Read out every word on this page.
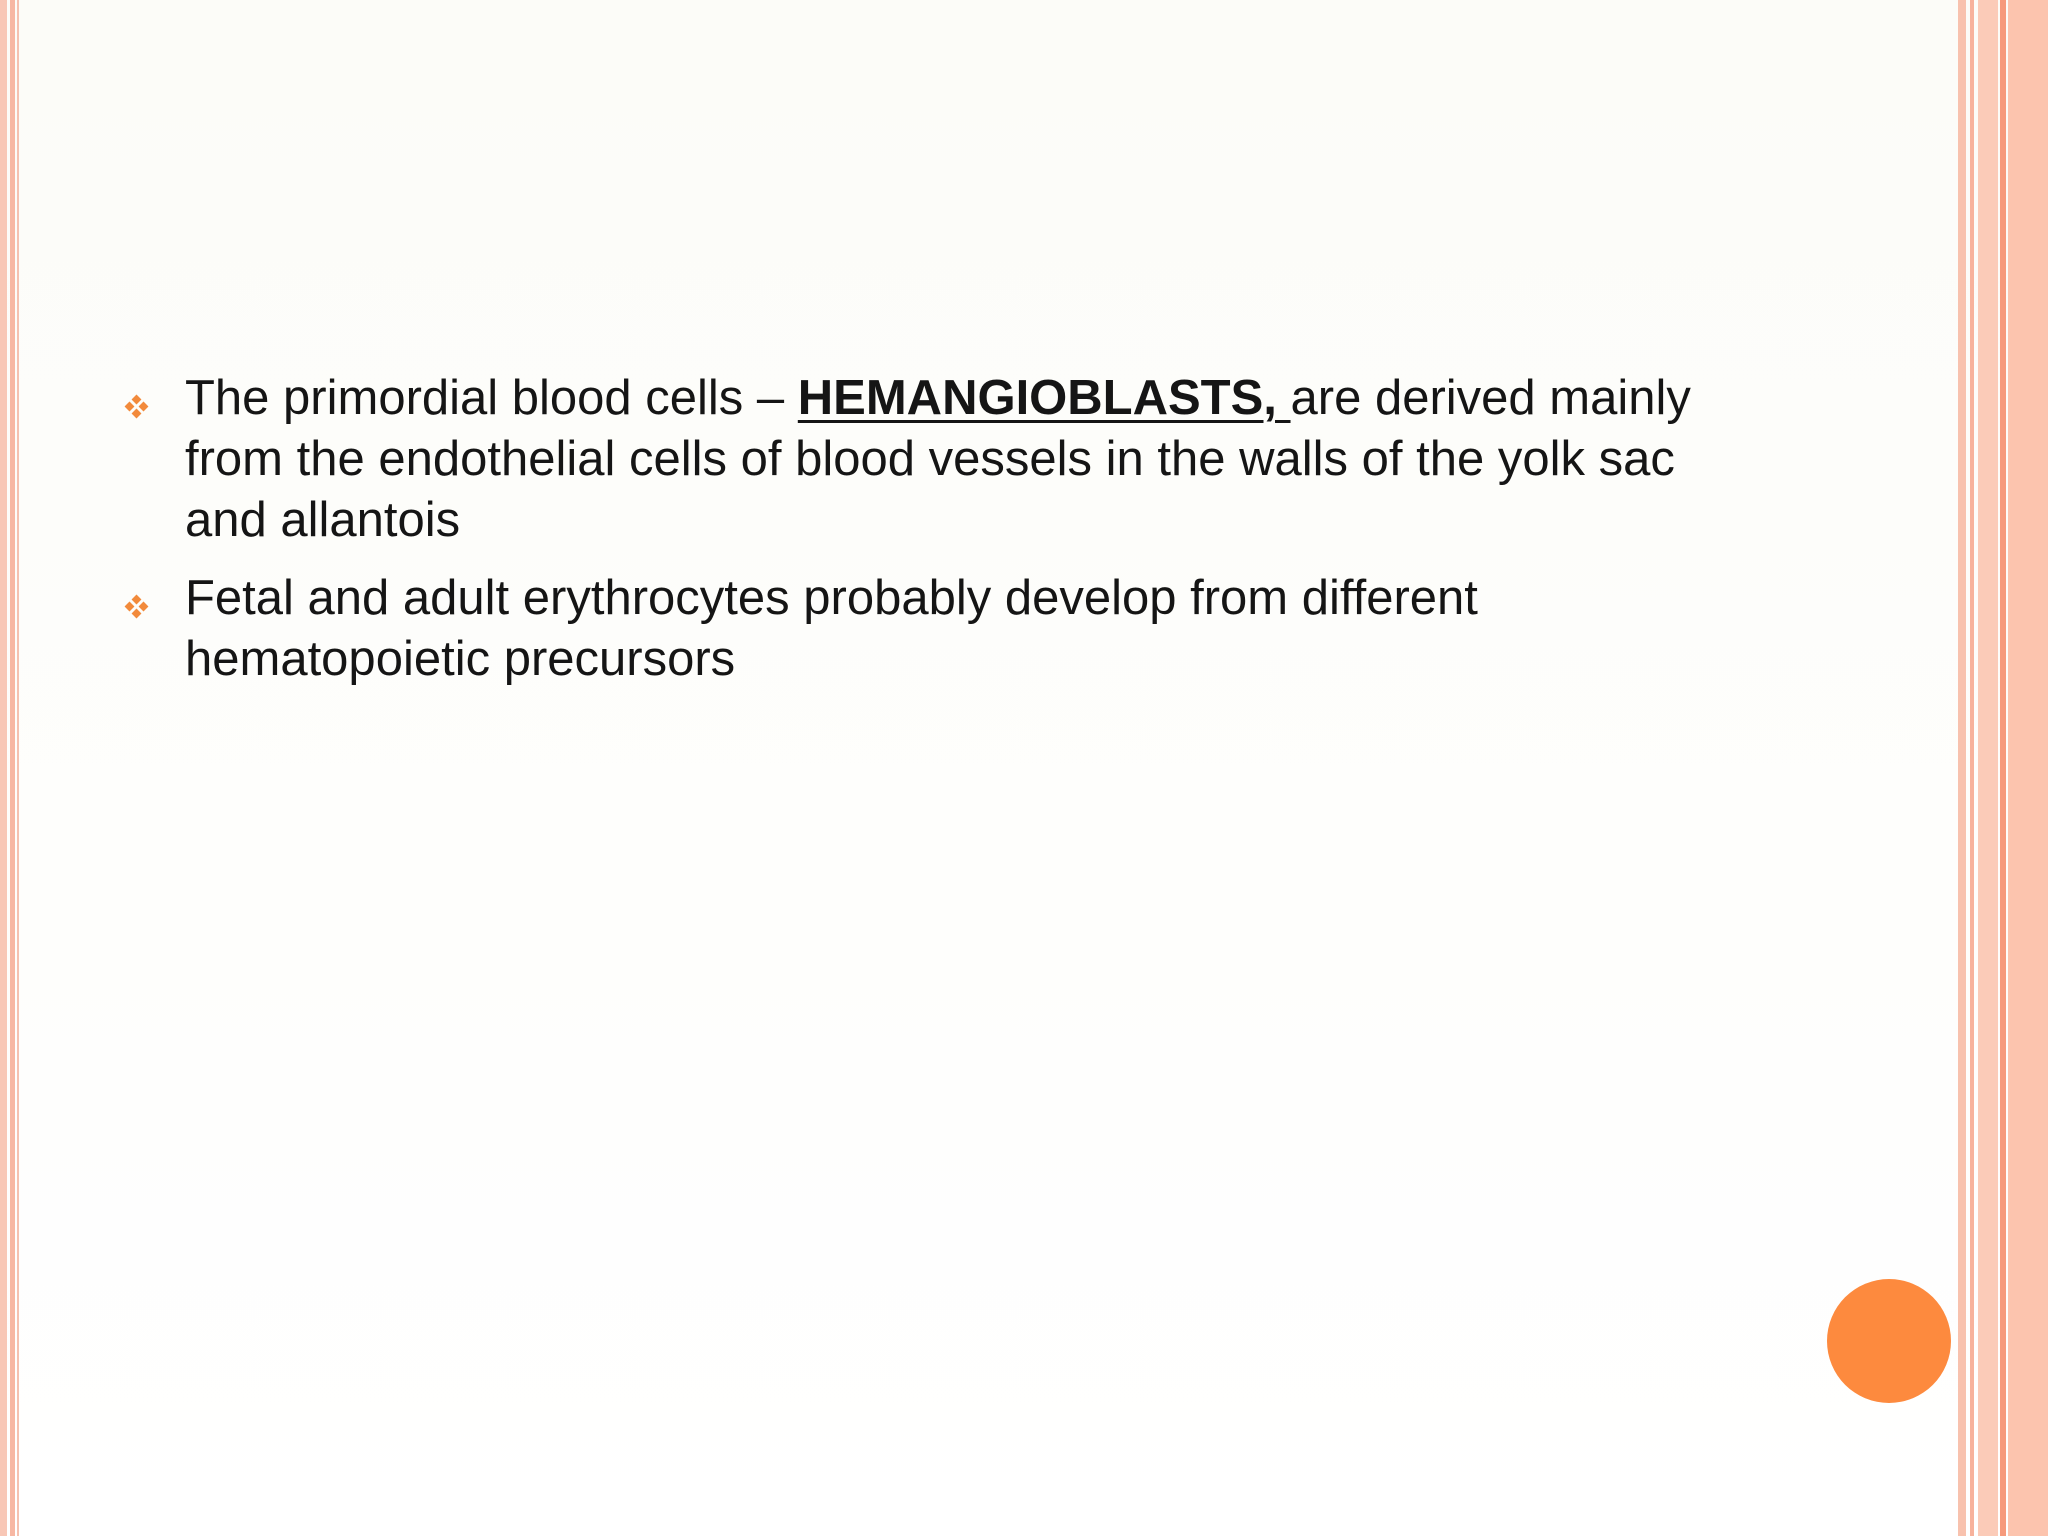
The primordial blood cells – HEMANGIOBLASTS, are derived mainly from the endothelial cells of blood vessels in the walls of the yolk sac and allantois
Fetal and adult erythrocytes probably develop from different hematopoietic precursors
